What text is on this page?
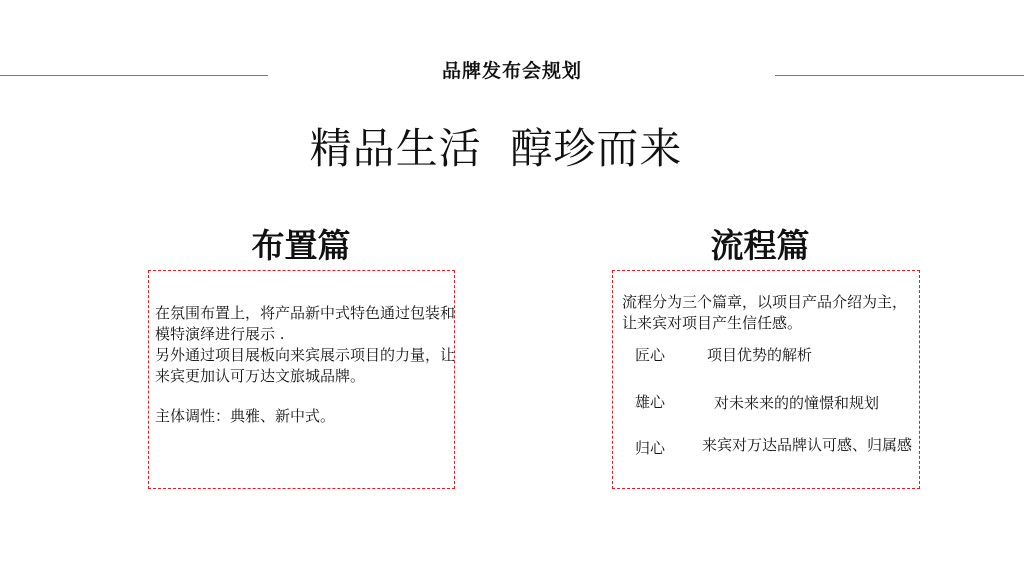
品牌发布会规划
精品生活  醇珍而来
布置篇	流程篇
在氛围布置上，将产品新中式特色通过包装和模特演绎进行展示 .
另外通过项目展板向来宾展示项目的力量，让来宾更加认可万达文旅城品牌。
主体调性：典雅、新中式。
流程分为三个篇章，以项目产品介绍为主，让来宾对项目产生信任感。
匠心	项目优势的解析
雄心	对未来来的的憧憬和规划
归心	来宾对万达品牌认可感、归属感
